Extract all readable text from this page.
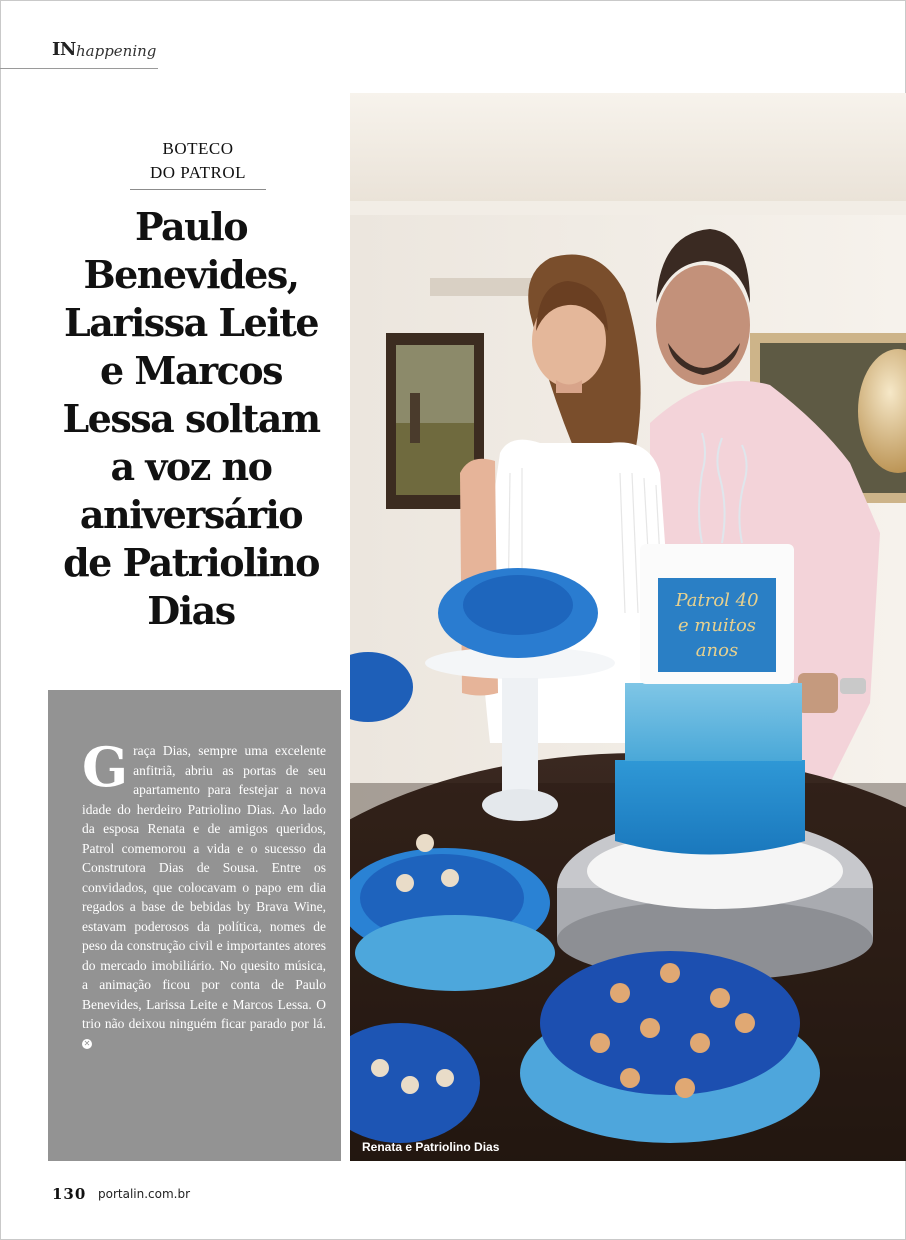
IN happening
BOTECO
DO PATROL
Paulo
Benevides,
Larissa Leite
e Marcos
Lessa soltam
a voz no
aniversário
de Patriolino
Dias

Graça Dias, sempre uma excelente anfitriã, abriu as portas de seu apartamento para festejar a nova idade do herdeiro Patriolino Dias. Ao lado da esposa Renata e de amigos queridos, Patrol comemorou a vida e o sucesso da Construtora Dias de Sousa. Entre os convidados, que colocavam o papo em dia regados a base de bebidas by Brava Wine, estavam poderosos da política, nomes de peso da construção civil e importantes atores do mercado imobiliário. No quesito música, a animação ficou por conta de Paulo Benevides, Larissa Leite e Marcos Lessa. O trio não deixou ninguém ficar parado por lá. ✕

Patrol 40
e muitos
anos
Renata e Patriolino Dias
130 portalin.com.br
